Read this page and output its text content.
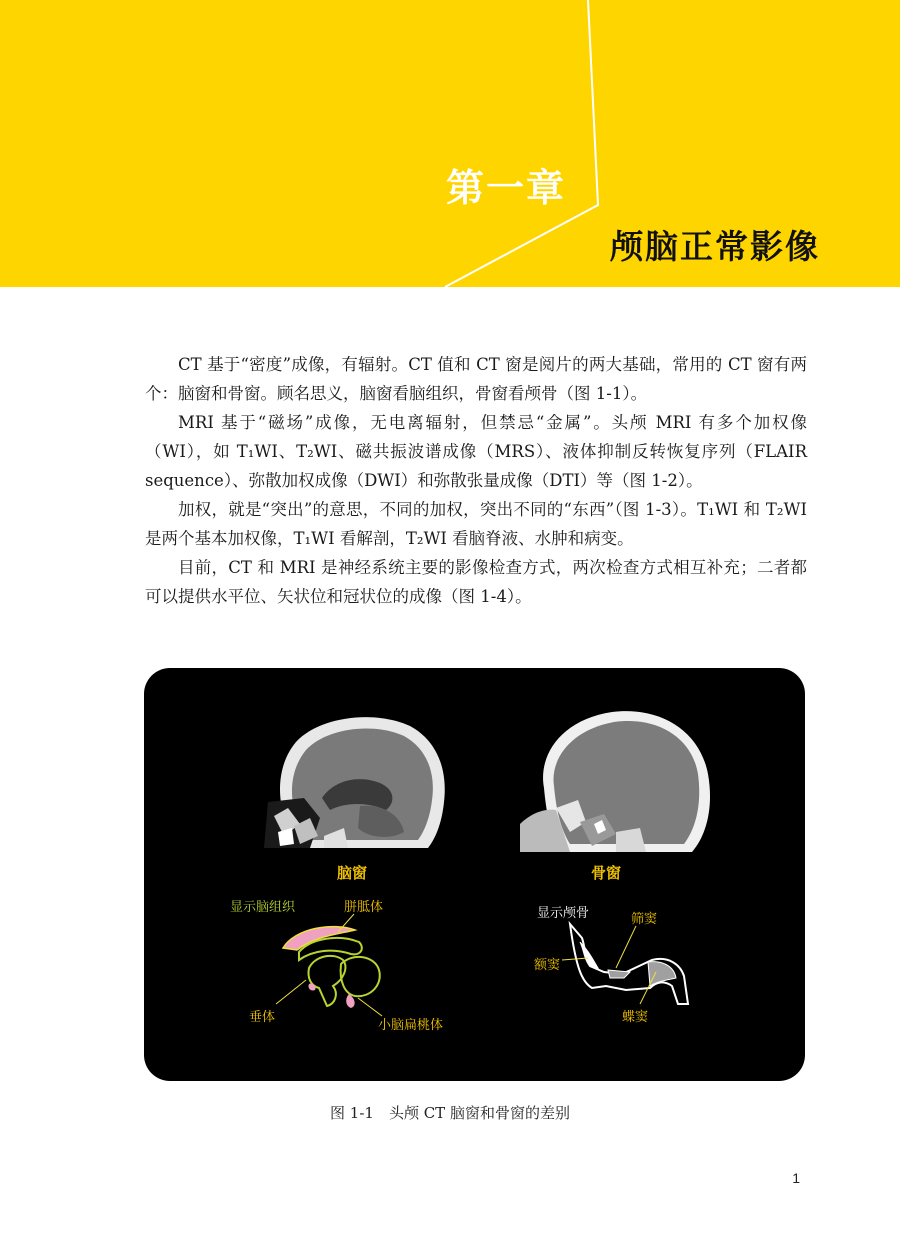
第一章
颅脑正常影像

CT 基于“密度”成像，有辐射。CT 值和 CT 窗是阅片的两大基础，常用的 CT 窗有两个：脑窗和骨窗。顾名思义，脑窗看脑组织，骨窗看颅骨（图 1-1）。

MRI 基于“磁场”成像，无电离辐射，但禁忌“金属”。头颅 MRI 有多个加权像（WI），如 T₁WI、T₂WI、磁共振波谱成像（MRS）、液体抑制反转恢复序列（FLAIR sequence）、弥散加权成像（DWI）和弥散张量成像（DTI）等（图 1-2）。

加权，就是“突出”的意思，不同的加权，突出不同的“东西”（图 1-3）。T₁WI 和 T₂WI 是两个基本加权像，T₁WI 看解剖，T₂WI 看脑脊液、水肿和病变。

目前，CT 和 MRI 是神经系统主要的影像检查方式，两次检查方式相互补充；二者都可以提供水平位、矢状位和冠状位的成像（图 1-4）。

脑窗	骨窗
显示脑组织	胼胝体
垂体
小脑扁桃体
显示颅骨	筛窦
额窦
蝶窦
图 1-1　头颅 CT 脑窗和骨窗的差别
1
